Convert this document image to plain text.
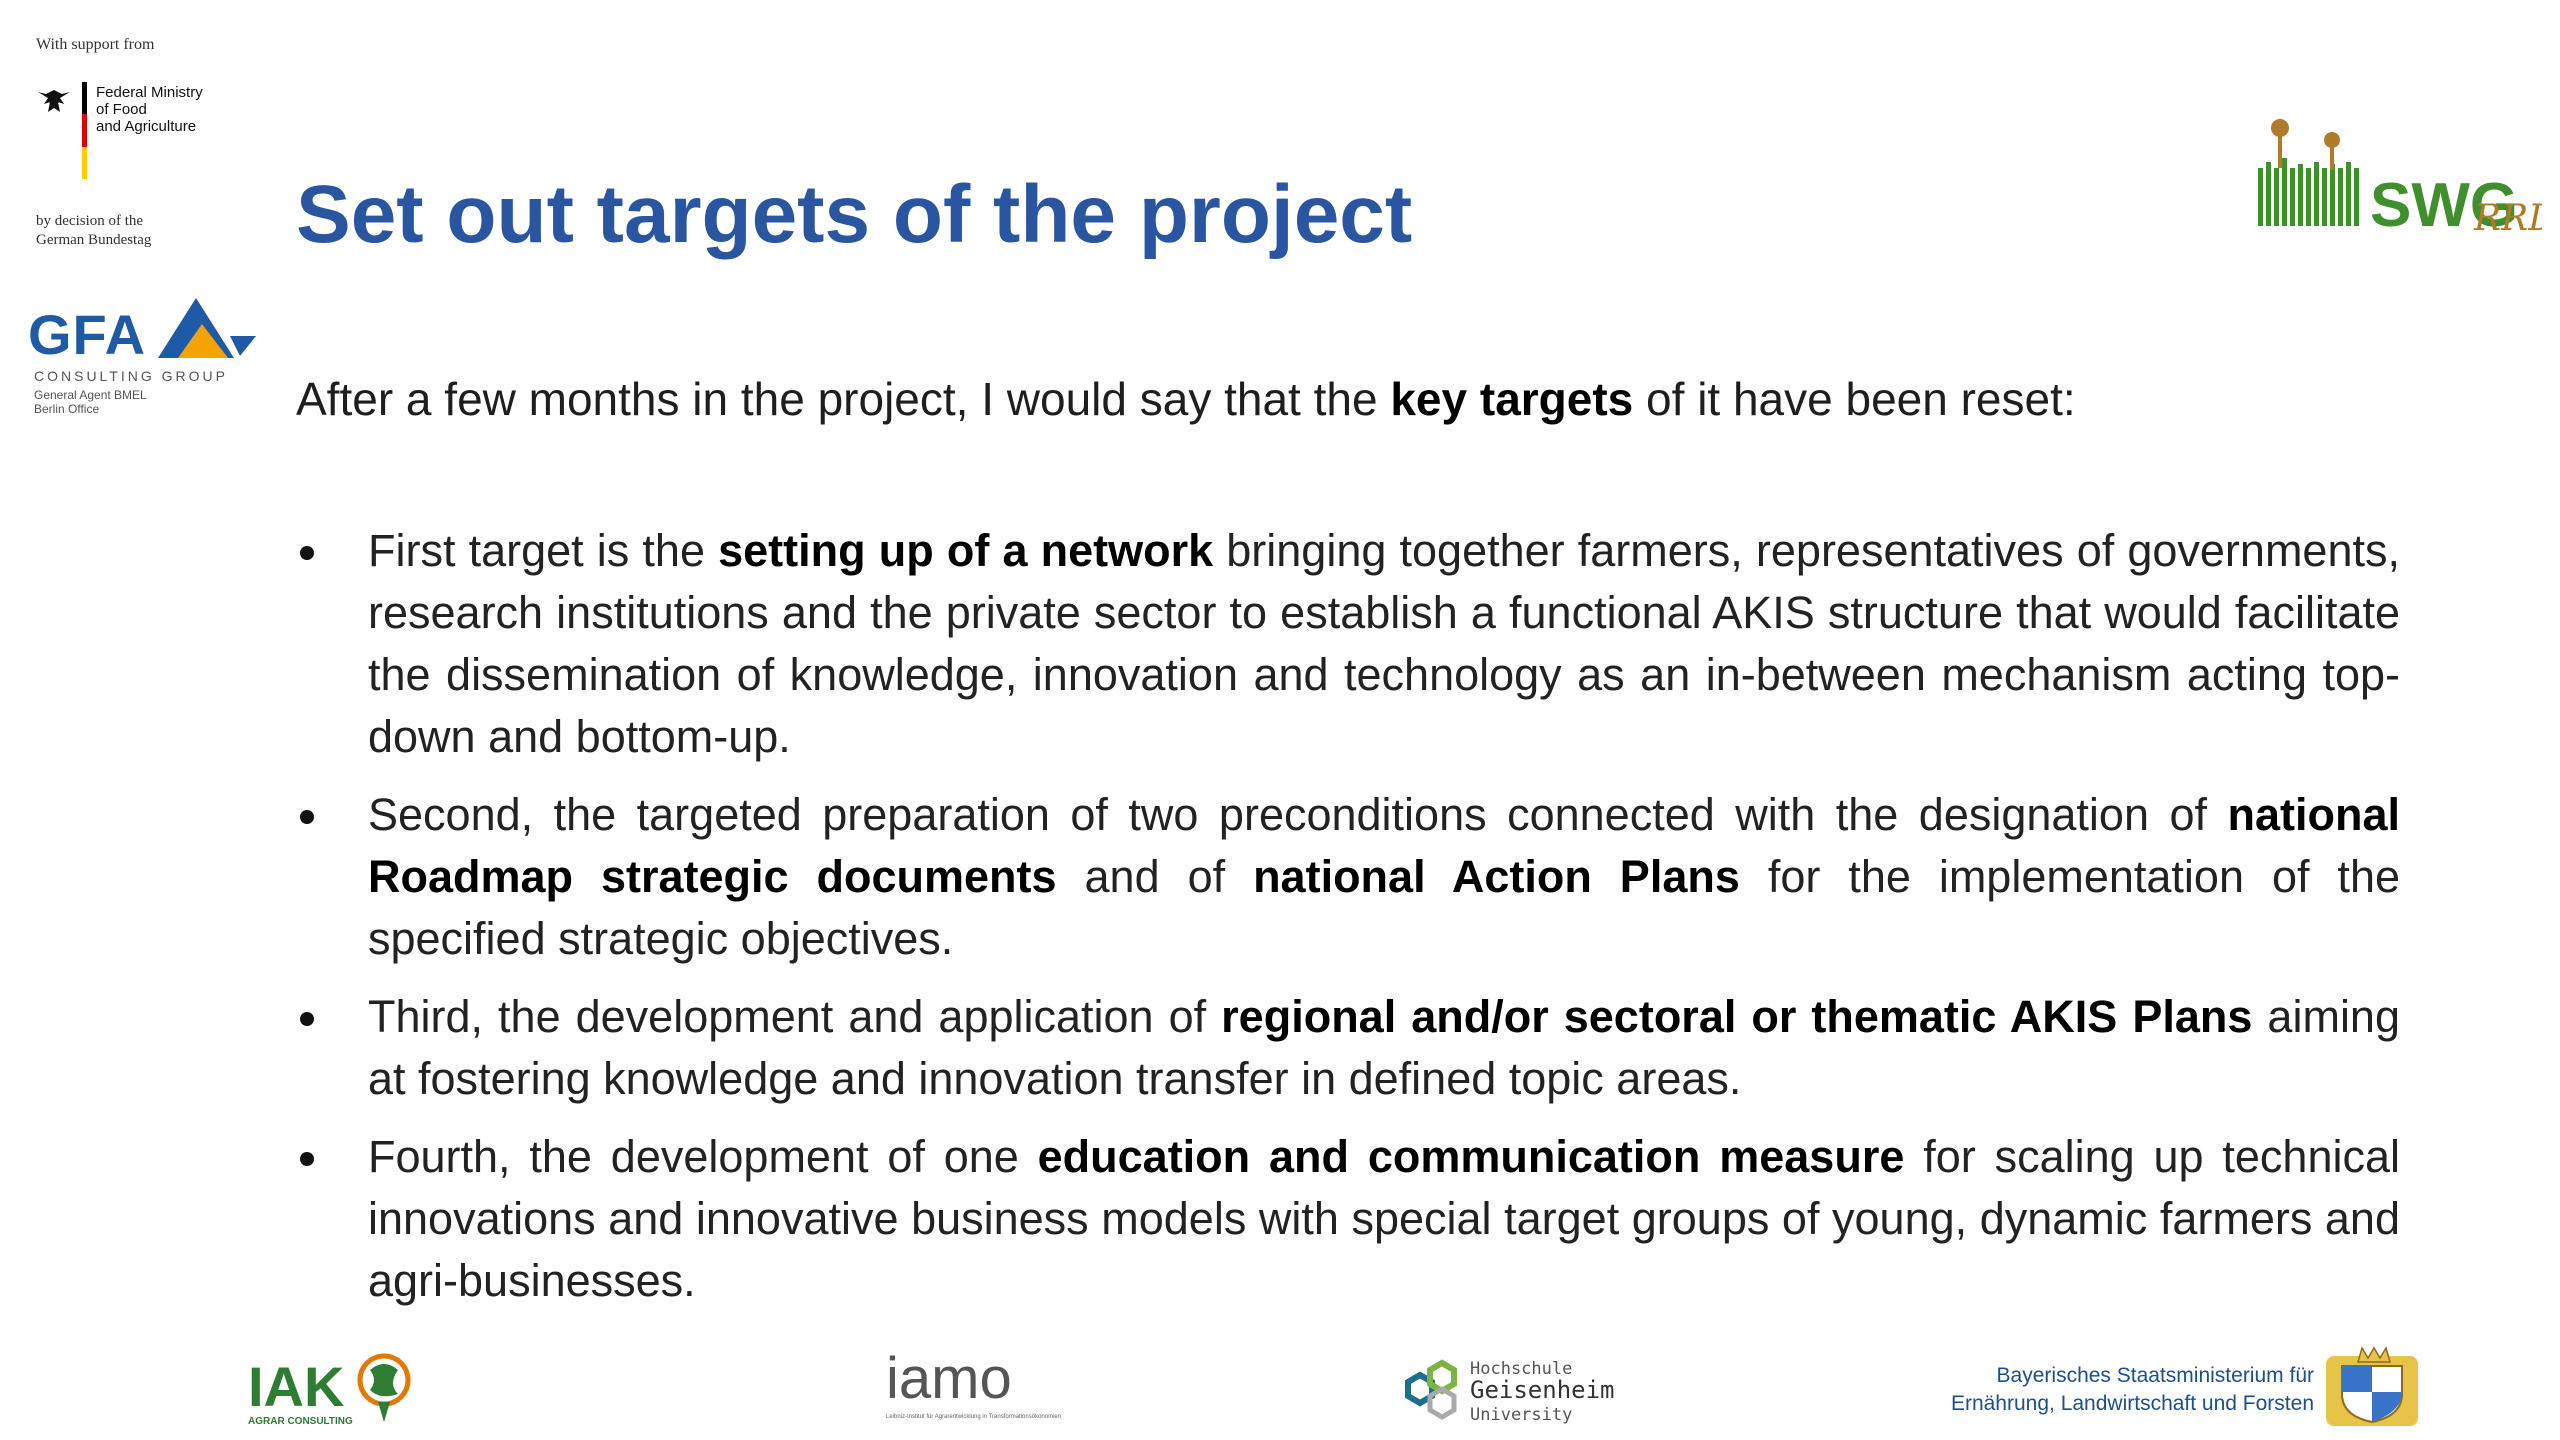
With support from
Federal Ministry
of Food
and Agriculture
by decision of the
German Bundestag
GFA
CONSULTING GROUP
General Agent BMEL
Berlin Office
SWG
RR
Set out targets of the project
After a few months in the project, I would say that the key targets of it have been reset:
First target is the setting up of a network bringing together farmers, representatives of governments, research institutions and the private sector to establish a functional AKIS structure that would facilitate the dissemination of knowledge, innovation and technology as an in-between mechanism acting top-down and bottom-up.
Second, the targeted preparation of two preconditions connected with the designation of national Roadmap strategic documents and of national Action Plans for the implementation of the specified strategic objectives.
Third, the development and application of regional and/or sectoral or thematic AKIS Plans aiming at fostering knowledge and innovation transfer in defined topic areas.
Fourth, the development of one education and communication measure for scaling up technical innovations and innovative business models with special target groups of young, dynamic farmers and agri-businesses.
IAK
AGRAR CONSULTING
iamo
Leibniz-Institut für Agrarentwicklung in Transformationsökonomien
Hochschule
Geisenheim
University
Bayerisches Staatsministerium für
Ernährung, Landwirtschaft und Forsten
